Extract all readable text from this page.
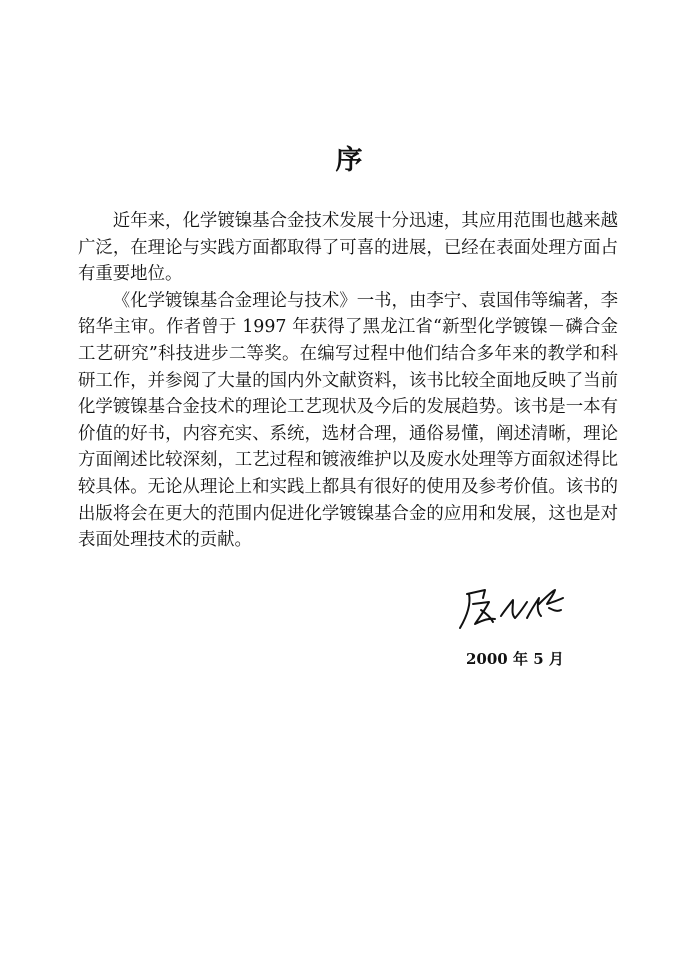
序

近年来，化学镀镍基合金技术发展十分迅速，其应用范围也越来越广泛，在理论与实践方面都取得了可喜的进展，已经在表面处理方面占有重要地位。

《化学镀镍基合金理论与技术》一书，由李宁、袁国伟等编著，李铭华主审。作者曾于 1997 年获得了黑龙江省“新型化学镀镍－磷合金工艺研究”科技进步二等奖。在编写过程中他们结合多年来的教学和科研工作，并参阅了大量的国内外文献资料，该书比较全面地反映了当前化学镀镍基合金技术的理论工艺现状及今后的发展趋势。该书是一本有价值的好书，内容充实、系统，选材合理，通俗易懂，阐述清晰，理论方面阐述比较深刻，工艺过程和镀液维护以及废水处理等方面叙述得比较具体。无论从理论上和实践上都具有很好的使用及参考价值。该书的出版将会在更大的范围内促进化学镀镍基合金的应用和发展，这也是对表面处理技术的贡献。

2000 年 5 月
